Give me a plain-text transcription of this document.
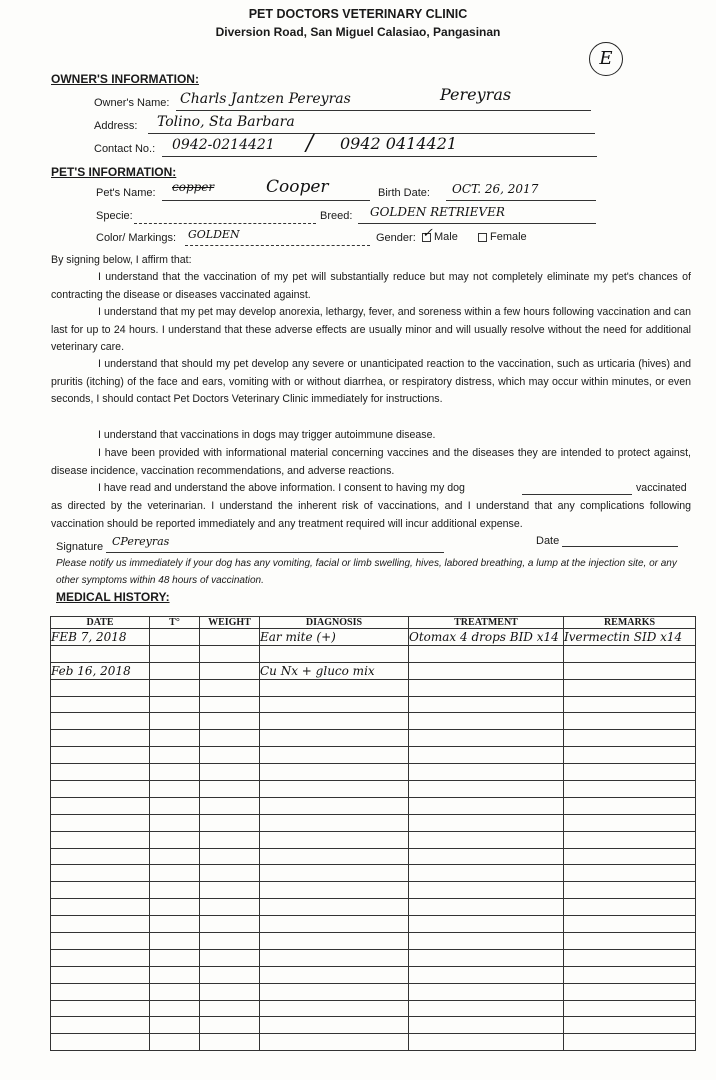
PET DOCTORS VETERINARY CLINIC
Diversion Road, San Miguel Calasiao, Pangasinan
E
OWNER'S INFORMATION:
Owner's Name: Charls Jantzen Pereyras	Pereyras
Address: Tolino, Sta Barbara
Contact No.: 0942-0214421 / 0942 0414421
PET'S INFORMATION:
Pet's Name: copper	Cooper	Birth Date: OCT. 26, 2017
Specie:	Breed: GOLDEN RETRIEVER
Color/ Markings: GOLDEN	Gender: ✓ Male	Female
By signing below, I affirm that:
I understand that the vaccination of my pet will substantially reduce but may not completely eliminate my pet's chances of contracting the disease or diseases vaccinated against.
I understand that my pet may develop anorexia, lethargy, fever, and soreness within a few hours following vaccination and can last for up to 24 hours. I understand that these adverse effects are usually minor and will usually resolve without the need for additional veterinary care.
I understand that should my pet develop any severe or unanticipated reaction to the vaccination, such as urticaria (hives) and pruritis (itching) of the face and ears, vomiting with or without diarrhea, or respiratory distress, which may occur within minutes, or even seconds, I should contact Pet Doctors Veterinary Clinic immediately for instructions.
I understand that vaccinations in dogs may trigger autoimmune disease.
I have been provided with informational material concerning vaccines and the diseases they are intended to protect against, disease incidence, vaccination recommendations, and adverse reactions.
I have read and understand the above information. I consent to having my dog	vaccinated
as directed by the veterinarian. I understand the inherent risk of vaccinations, and I understand that any complications following vaccination should be reported immediately and any treatment required will incur additional expense.
Signature CPereyras	Date
Please notify us immediately if your dog has any vomiting, facial or limb swelling, hives, labored breathing, a lump at the injection site, or any other symptoms within 48 hours of vaccination.
MEDICAL HISTORY:
DATE	T°	WEIGHT	DIAGNOSIS	TREATMENT	REMARKS
FEB 7, 2018			Ear mite (+)	Otomax 4 drops BID x14	Ivermectin SID x14

Feb 16, 2018			Cu Nx + gluco mix		
